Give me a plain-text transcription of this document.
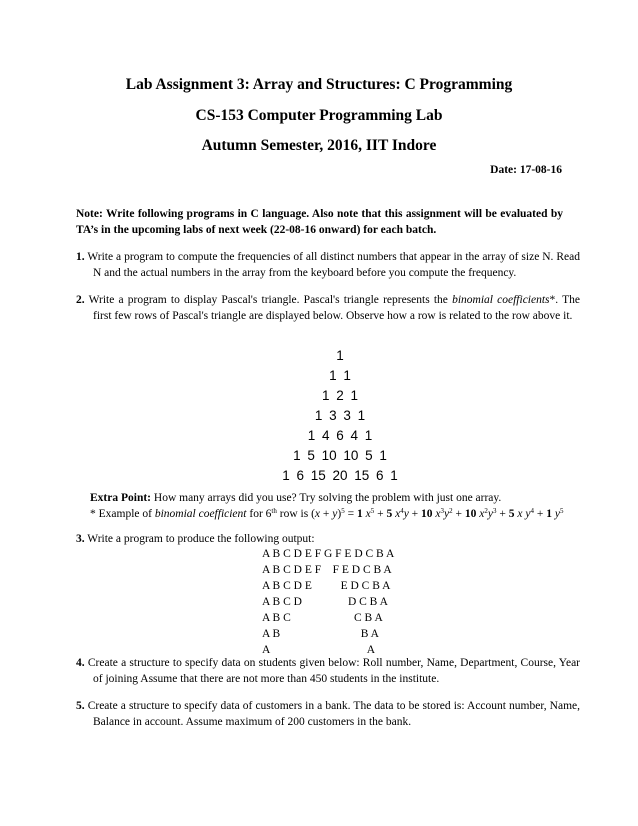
Lab Assignment 3: Array and Structures: C Programming
CS-153 Computer Programming Lab
Autumn Semester, 2016, IIT Indore
Date: 17-08-16
Note: Write following programs in C language. Also note that this assignment will be evaluated by TA’s in the upcoming labs of next week (22-08-16 onward) for each batch.
1. Write a program to compute the frequencies of all distinct numbers that appear in the array of size N. Read N and the actual numbers in the array from the keyboard before you compute the frequency.
2. Write a program to display Pascal's triangle. Pascal's triangle represents the binomial coefficients*. The first few rows of Pascal's triangle are displayed below. Observe how a row is related to the row above it.
1
1 1
1 2 1
1 3 3 1
1 4 6 4 1
1 5 10 10 5 1
1 6 15 20 15 6 1
Extra Point: How many arrays did you use? Try solving the problem with just one array.
* Example of binomial coefficient for 6th row is $(x + y)^5 = 1$ $x^5 + 5$ $x^4y + 10$ $x^3y^2 + 10$ $x^2y^3 + 5$ x $y^4 + 1$ $y^5$
3. Write a program to produce the following output:
A B C D E F G F E D C B A
A B C D E F    F E D C B A
A B C D E          E D C B A
A B C D                D C B A
A B C                      C B A
A B                            B A
A                                  A
4. Create a structure to specify data on students given below: Roll number, Name, Department, Course, Year of joining Assume that there are not more than 450 students in the institute.
5. Create a structure to specify data of customers in a bank. The data to be stored is: Account number, Name, Balance in account. Assume maximum of 200 customers in the bank.
